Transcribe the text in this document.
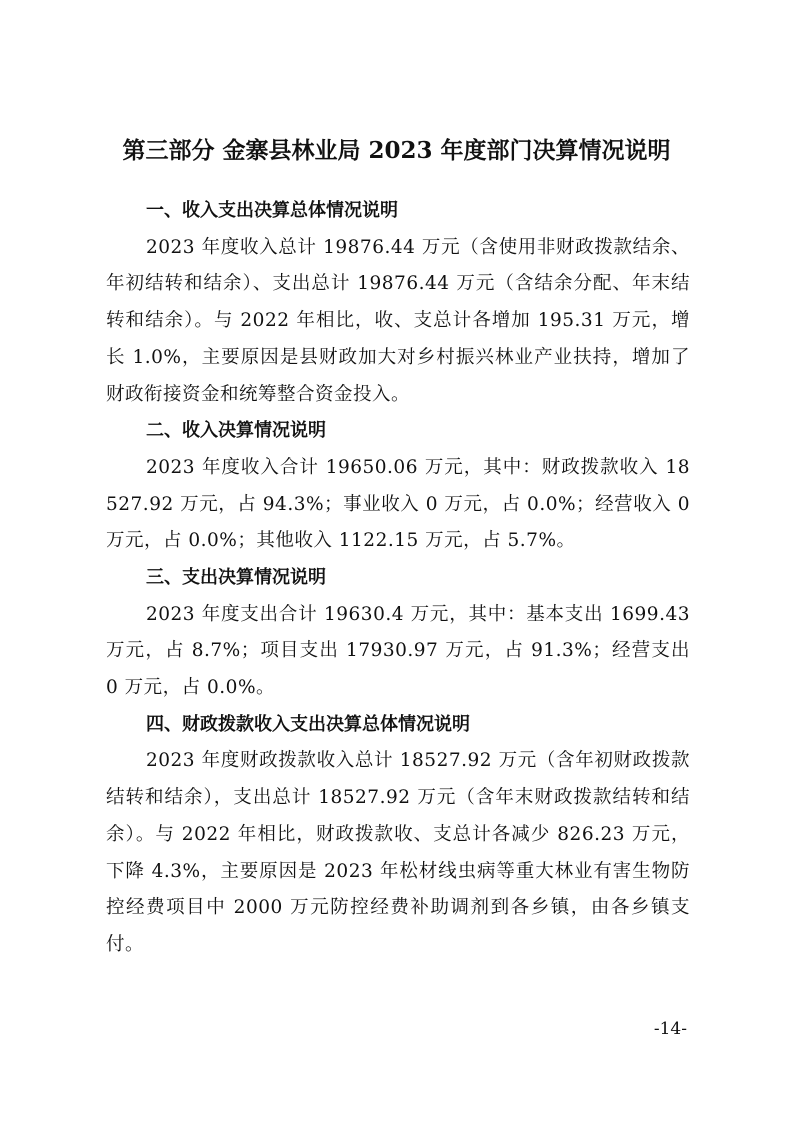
第三部分 金寨县林业局 2023 年度部门决算情况说明
一、收入支出决算总体情况说明

2023 年度收入总计 19876.44 万元（含使用非财政拨款结余、年初结转和结余）、支出总计 19876.44 万元（含结余分配、年末结转和结余）。与 2022 年相比，收、支总计各增加 195.31 万元，增长 1.0%，主要原因是县财政加大对乡村振兴林业产业扶持，增加了财政衔接资金和统筹整合资金投入。

二、收入决算情况说明

2023 年度收入合计 19650.06 万元，其中：财政拨款收入 18527.92 万元，占 94.3%；事业收入 0 万元，占 0.0%；经营收入 0 万元，占 0.0%；其他收入 1122.15 万元，占 5.7%。

三、支出决算情况说明

2023 年度支出合计 19630.4 万元，其中：基本支出 1699.43 万元，占 8.7%；项目支出 17930.97 万元，占 91.3%；经营支出 0 万元，占 0.0%。

四、财政拨款收入支出决算总体情况说明

2023 年度财政拨款收入总计 18527.92 万元（含年初财政拨款结转和结余），支出总计 18527.92 万元（含年末财政拨款结转和结余）。与 2022 年相比，财政拨款收、支总计各减少 826.23 万元，下降 4.3%，主要原因是 2023 年松材线虫病等重大林业有害生物防控经费项目中 2000 万元防控经费补助调剂到各乡镇，由各乡镇支付。

-14-
